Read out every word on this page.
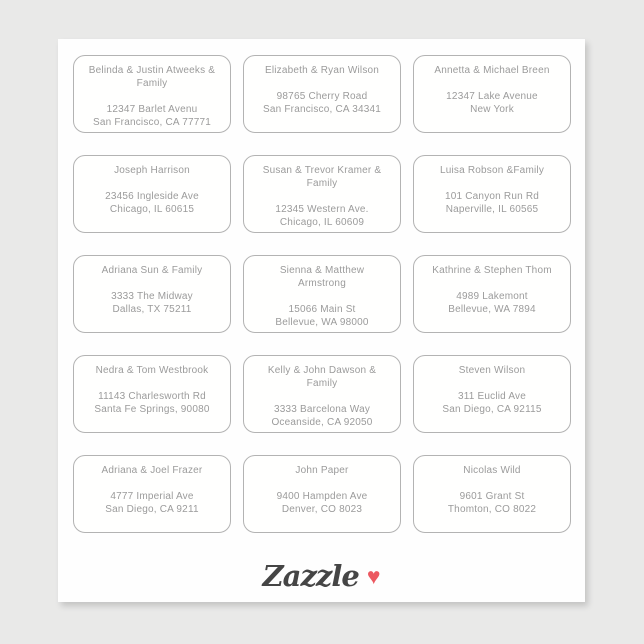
Belinda & Justin Atweeks & Family
12347 Barlet Avenu
San Francisco, CA 77771
Elizabeth & Ryan Wilson
98765 Cherry Road
San Francisco, CA 34341
Annetta & Michael Breen
12347 Lake Avenue
New York
Joseph Harrison
23456 Ingleside Ave
Chicago, IL 60615
Susan & Trevor Kramer & Family
12345 Western Ave.
Chicago, IL 60609
Luisa Robson &Family
101 Canyon Run Rd
Naperville, IL 60565
Adriana Sun & Family
3333 The Midway
Dallas, TX 75211
Sienna & Matthew Armstrong
15066 Main St
Bellevue, WA 98000
Kathrine & Stephen Thom
4989 Lakemont
Bellevue, WA 7894
Nedra & Tom Westbrook
11143 Charlesworth Rd
Santa Fe Springs, 90080
Kelly & John Dawson & Family
3333 Barcelona Way
Oceanside, CA 92050
Steven Wilson
311 Euclid Ave
San Diego, CA 92115
Adriana & Joel Frazer
4777 Imperial Ave
San Diego, CA 9211
John Paper
9400 Hampden Ave
Denver, CO 8023
Nicolas Wild
9601 Grant St
Thomton, CO 8022
Zazzle ♥
